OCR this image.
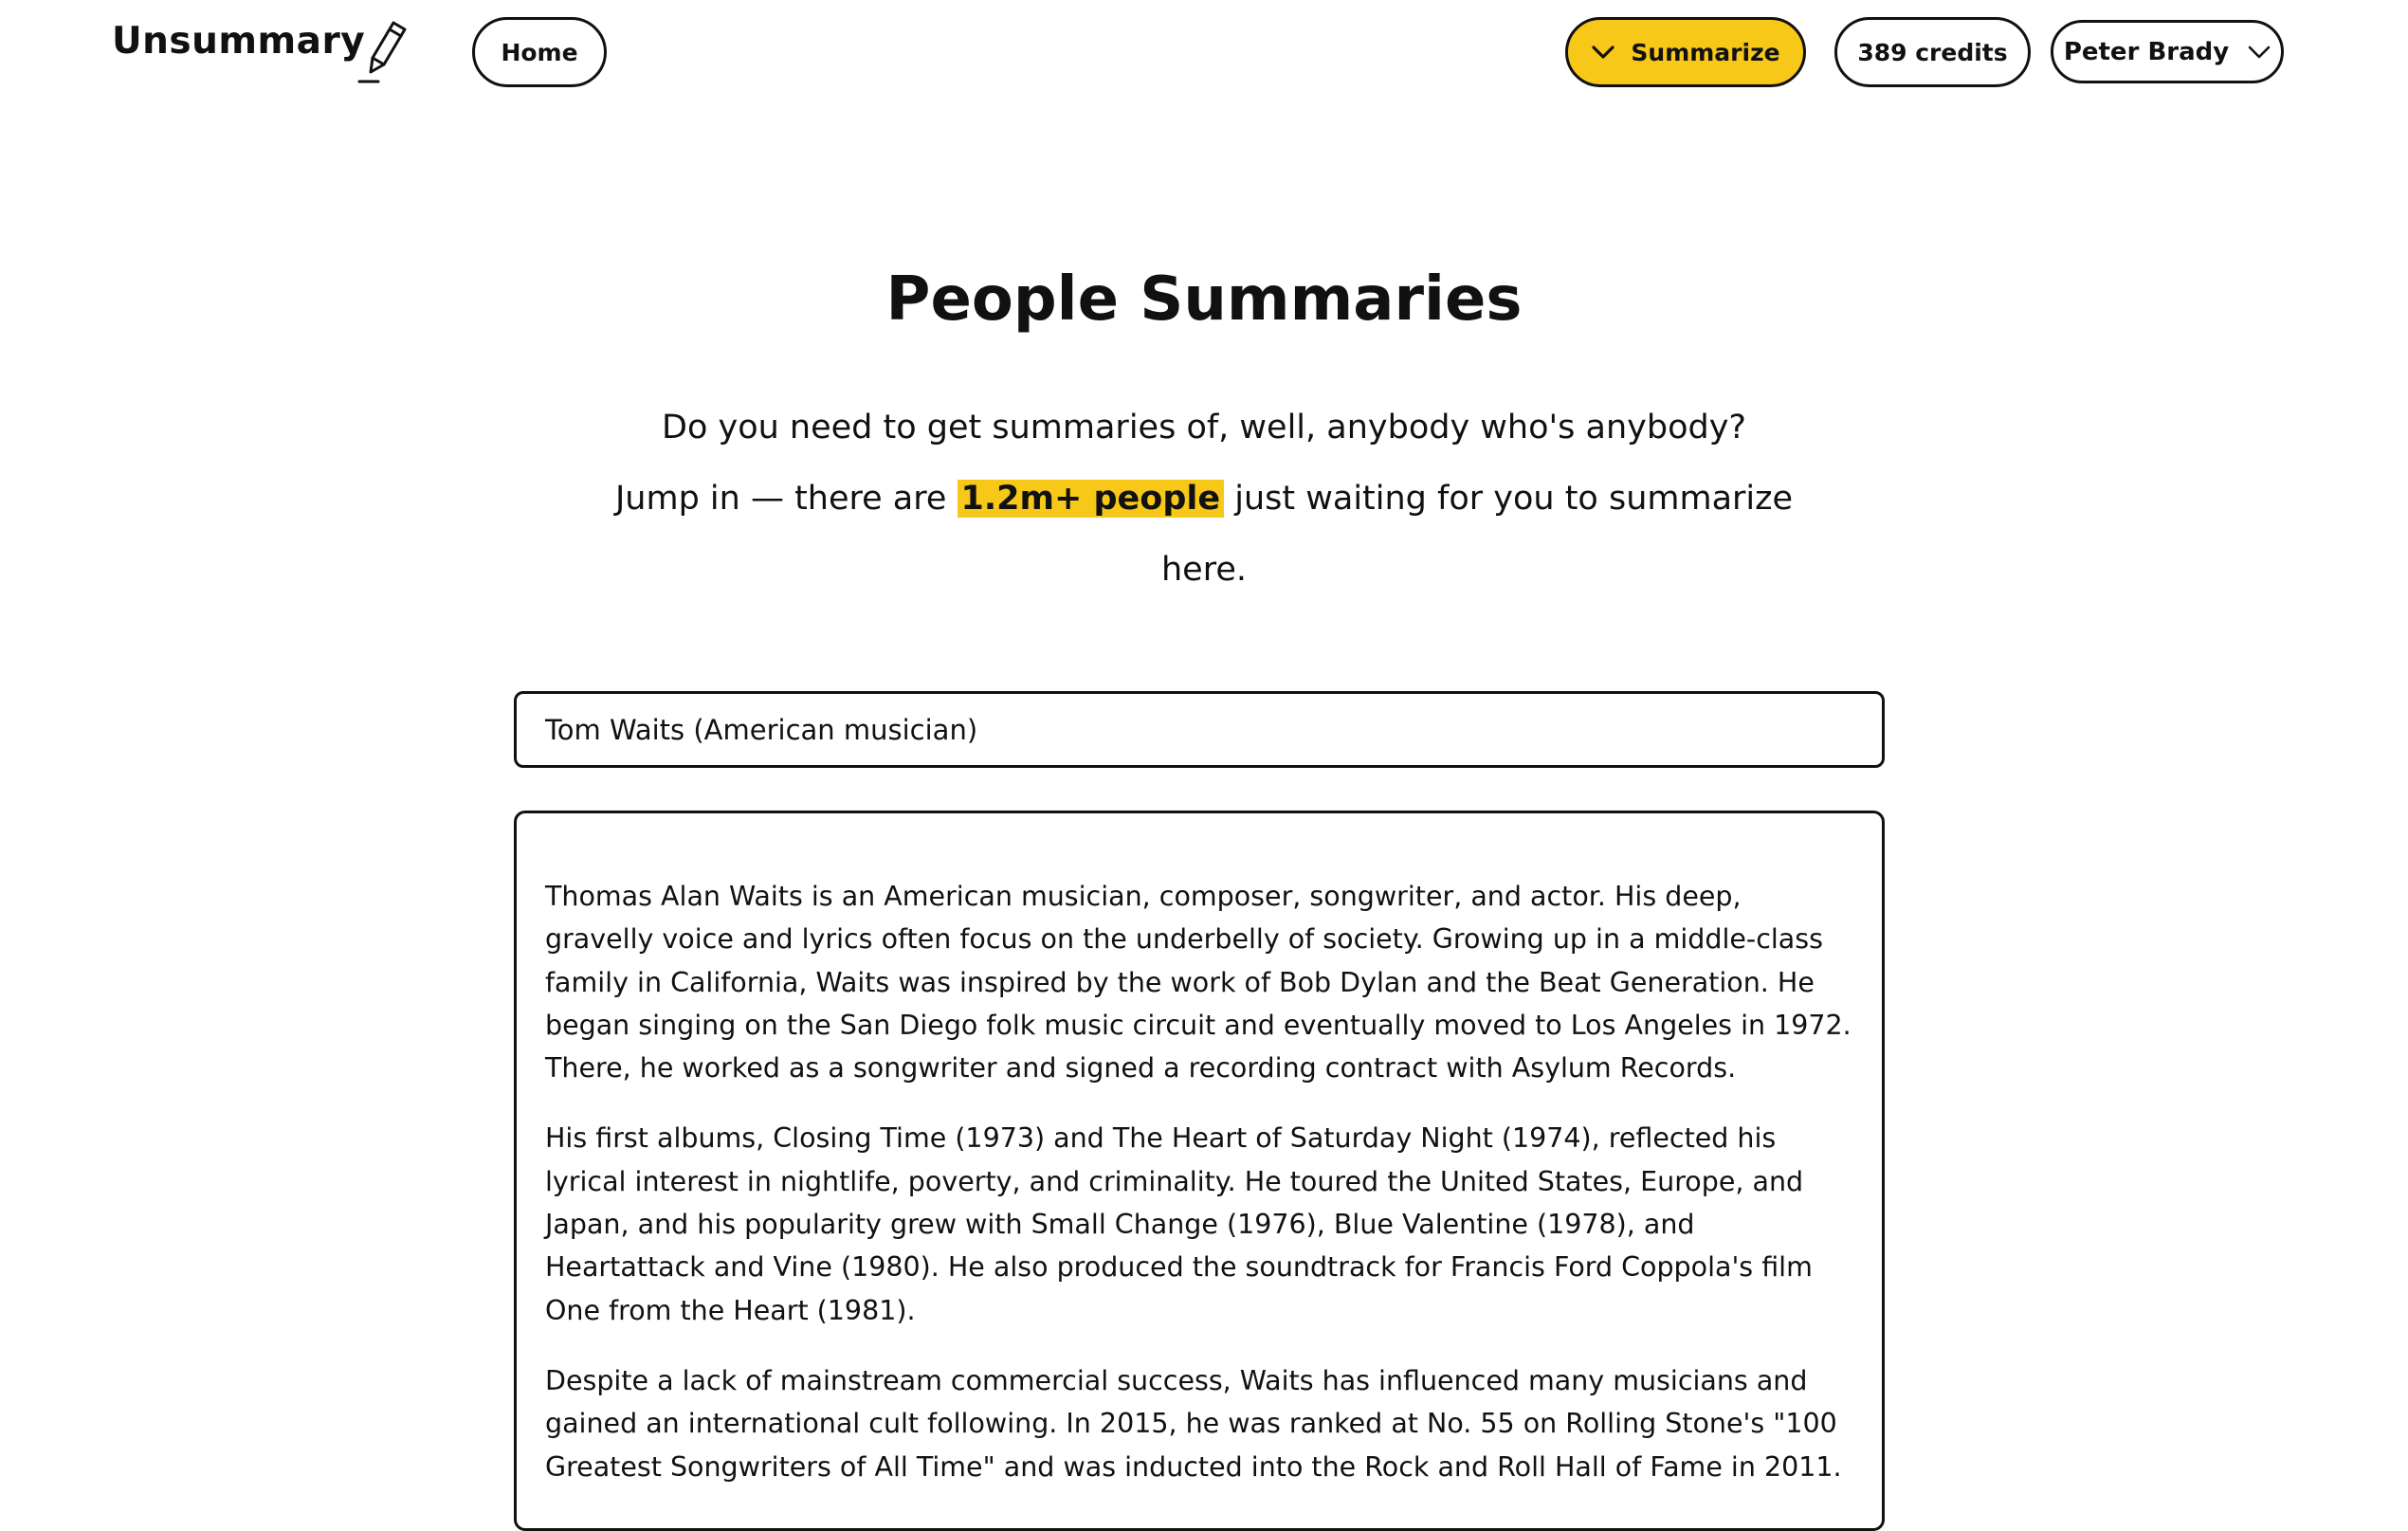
Unsummary	Home	Summarize	389 credits Peter Brady
People Summaries

Do you need to get summaries of, well, anybody who's anybody?
Jump in — there are 1.2m+ people just waiting for you to summarize here.

Tom Waits (American musician)

Thomas Alan Waits is an American musician, composer, songwriter, and actor. His deep, gravelly voice and lyrics often focus on the underbelly of society. Growing up in a middle-class family in California, Waits was inspired by the work of Bob Dylan and the Beat Generation. He began singing on the San Diego folk music circuit and eventually moved to Los Angeles in 1972. There, he worked as a songwriter and signed a recording contract with Asylum Records.

His first albums, Closing Time (1973) and The Heart of Saturday Night (1974), reflected his lyrical interest in nightlife, poverty, and criminality. He toured the United States, Europe, and Japan, and his popularity grew with Small Change (1976), Blue Valentine (1978), and Heartattack and Vine (1980). He also produced the soundtrack for Francis Ford Coppola's film One from the Heart (1981).

Despite a lack of mainstream commercial success, Waits has influenced many musicians and gained an international cult following. In 2015, he was ranked at No. 55 on Rolling Stone's "100 Greatest Songwriters of All Time" and was inducted into the Rock and Roll Hall of Fame in 2011.
